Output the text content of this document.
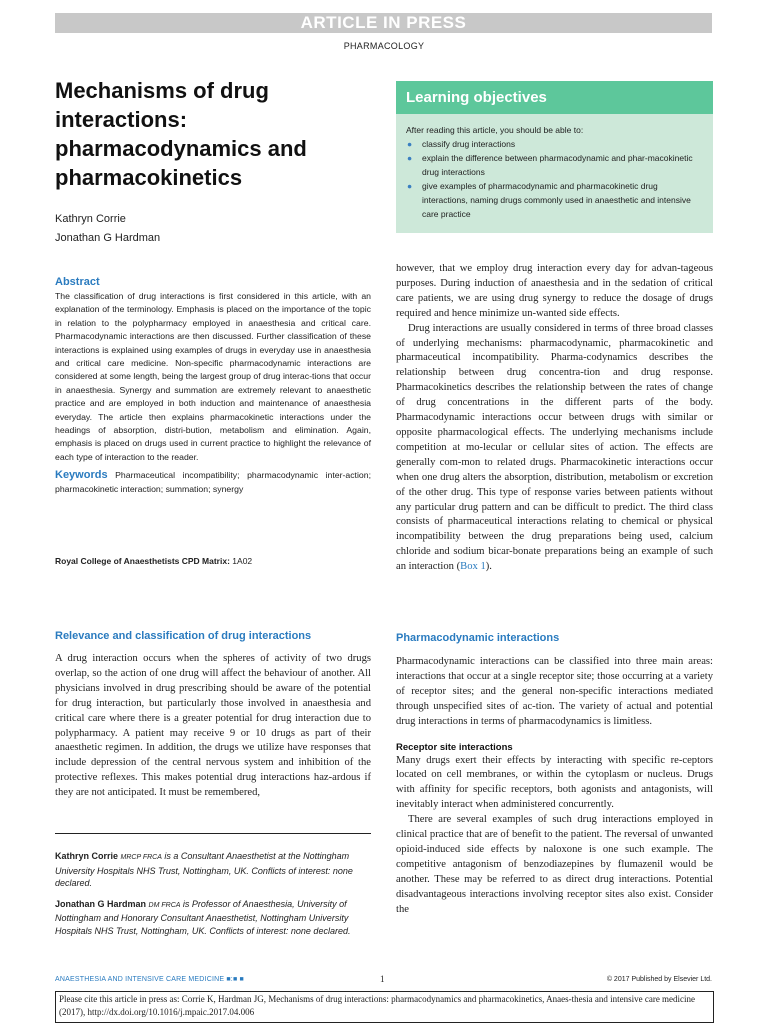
ARTICLE IN PRESS
PHARMACOLOGY
Mechanisms of drug interactions: pharmacodynamics and pharmacokinetics
Kathryn Corrie
Jonathan G Hardman
Learning objectives
After reading this article, you should be able to:
● classify drug interactions
● explain the difference between pharmacodynamic and phar-macokinetic drug interactions
● give examples of pharmacodynamic and pharmacokinetic drug interactions, naming drugs commonly used in anaesthetic and intensive care practice
Abstract
The classification of drug interactions is first considered in this article, with an explanation of the terminology. Emphasis is placed on the importance of the topic in relation to the polypharmacy employed in anaesthesia and critical care. Pharmacodynamic interactions are then discussed. Further classification of these interactions is explained using examples of drugs in everyday use in anaesthesia and critical care medicine. Non-specific pharmacodynamic interactions are considered at some length, being the largest group of drug interac-tions that occur in anaesthesia. Synergy and summation are extremely relevant to anaesthetic practice and are employed in both induction and maintenance of anaesthesia everyday. The article then explains pharmacokinetic interactions under the headings of absorption, distri-bution, metabolism and elimination. Again, emphasis is placed on drugs used in current practice to highlight the relevance of each type of interaction to the reader.
Keywords Pharmaceutical incompatibility; pharmacodynamic inter-action; pharmacokinetic interaction; summation; synergy
Royal College of Anaesthetists CPD Matrix: 1A02
Relevance and classification of drug interactions

A drug interaction occurs when the spheres of activity of two drugs overlap, so the action of one drug will affect the behaviour of another. All physicians involved in drug prescribing should be aware of the potential for drug interaction, but particularly those involved in anaesthesia and critical care where there is a greater potential for drug interaction due to polypharmacy. A patient may receive 9 or 10 drugs as part of their anaesthetic regimen. In addition, the drugs we utilize have responses that include depression of the central nervous system and inhibition of the protective reflexes. This makes potential drug interactions haz-ardous if they are not anticipated. It must be remembered,

however, that we employ drug interaction every day for advan-tageous purposes. During induction of anaesthesia and in the sedation of critical care patients, we are using drug synergy to reduce the dosage of drugs required and hence minimize un-wanted side effects.

Drug interactions are usually considered in terms of three broad classes of underlying mechanisms: pharmacodynamic, pharmacokinetic and pharmaceutical incompatibility. Pharma-codynamics describes the relationship between drug concentra-tion and drug response. Pharmacokinetics describes the relationship between the rates of change of drug concentrations in the different parts of the body. Pharmacodynamic interactions occur between drugs with similar or opposite pharmacological effects. The underlying mechanisms include competition at mo-lecular or cellular sites of action. The effects are generally com-mon to related drugs. Pharmacokinetic interactions occur when one drug alters the absorption, distribution, metabolism or excretion of the other drug. This type of response varies between patients without any particular drug pattern and can be difficult to predict. The third class consists of pharmaceutical interactions relating to chemical or physical incompatibility between the drug preparations being used, calcium chloride and sodium bicar-bonate preparations being an example of such an interaction (Box 1).

Pharmacodynamic interactions

Pharmacodynamic interactions can be classified into three main areas: interactions that occur at a single receptor site; those occurring at a variety of receptor sites; and the general non-specific interactions mediated through unspecified sites of ac-tion. The variety of actual and potential drug interactions in terms of pharmacodynamics is limitless.

Receptor site interactions

Many drugs exert their effects by interacting with specific re-ceptors located on cell membranes, or within the cytoplasm or nucleus. Drugs with affinity for specific receptors, both agonists and antagonists, will inevitably interact when administered concurrently.

There are several examples of such drug interactions employed in clinical practice that are of benefit to the patient. The reversal of unwanted opioid-induced side effects by naloxone is one such example. The competitive antagonism of benzodiazepines by flumazenil would be another. These may be referred to as direct drug interactions. Potential disadvantageous interactions involving receptor sites also exist. Consider the

Kathryn Corrie MRCP FRCA is a Consultant Anaesthetist at the Nottingham University Hospitals NHS Trust, Nottingham, UK. Conflicts of interest: none declared.

Jonathan G Hardman DM FRCA is Professor of Anaesthesia, University of Nottingham and Honorary Consultant Anaesthetist, Nottingham University Hospitals NHS Trust, Nottingham, UK. Conflicts of interest: none declared.

ANAESTHESIA AND INTENSIVE CARE MEDICINE ■:■ ■	1	© 2017 Published by Elsevier Ltd.
Please cite this article in press as: Corrie K, Hardman JG, Mechanisms of drug interactions: pharmacodynamics and pharmacokinetics, Anaes-thesia and intensive care medicine (2017), http://dx.doi.org/10.1016/j.mpaic.2017.04.006
